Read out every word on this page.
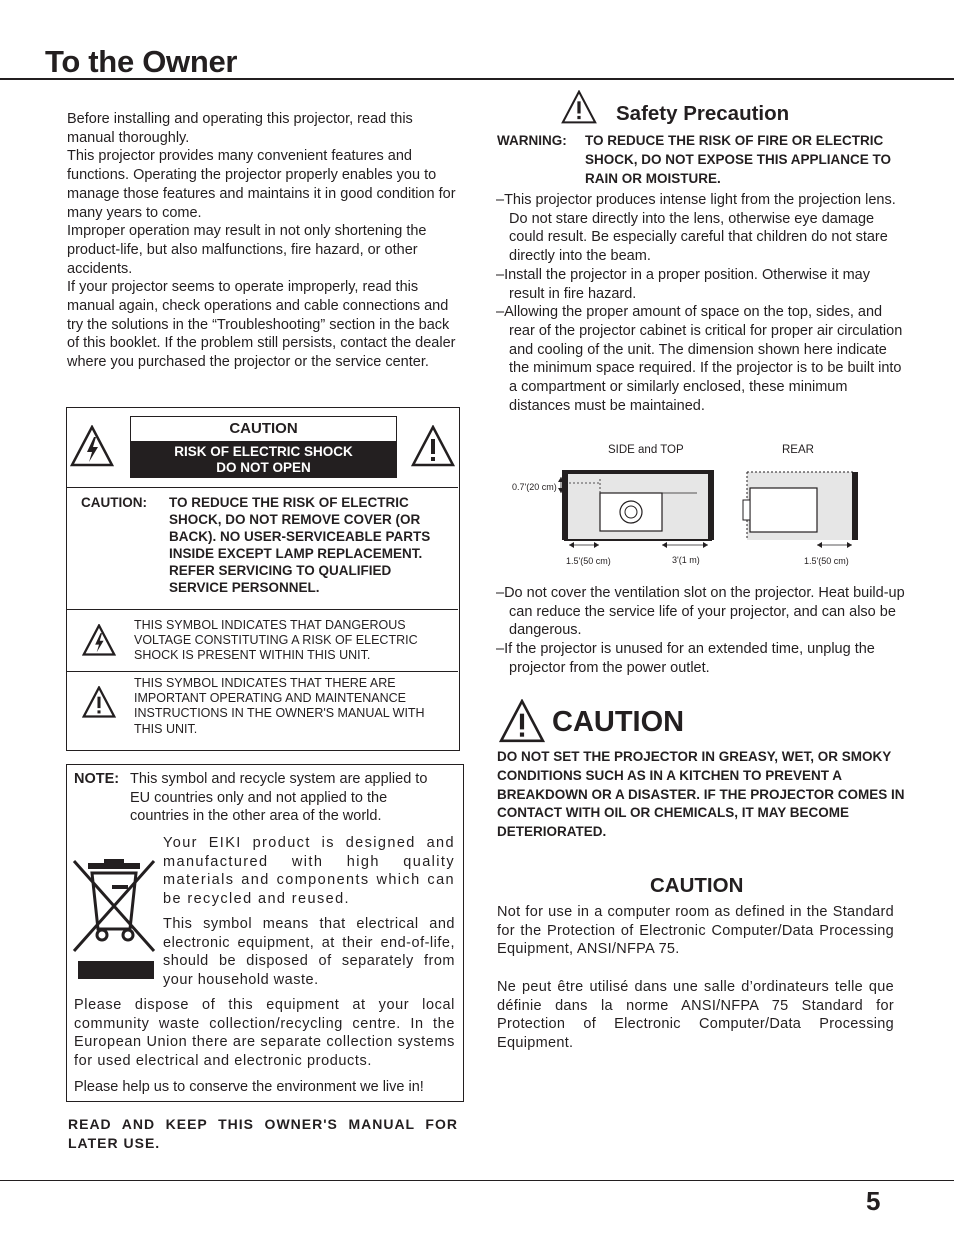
To the Owner

Before installing and operating this projector, read this manual thoroughly.

This projector provides many convenient features and functions. Operating the projector properly enables you to manage those features and maintains it in good condition for many years to come.

Improper operation may result in not only shortening the product-life, but also malfunctions, fire hazard, or other accidents.

If your projector seems to operate improperly, read this manual again, check operations and cable connections and try the solutions in the “Troubleshooting” section in the back of this booklet. If the problem still persists, contact the dealer where you purchased the projector or the service center.

CAUTION
RISK OF ELECTRIC SHOCK
DO NOT OPEN
CAUTION: TO REDUCE THE RISK OF ELECTRIC SHOCK, DO NOT REMOVE COVER (OR BACK). NO USER-SERVICEABLE PARTS INSIDE EXCEPT LAMP REPLACEMENT. REFER SERVICING TO QUALIFIED SERVICE PERSONNEL.
THIS SYMBOL INDICATES THAT DANGEROUS VOLTAGE CONSTITUTING A RISK OF ELECTRIC SHOCK IS PRESENT WITHIN THIS UNIT.
THIS SYMBOL INDICATES THAT THERE ARE IMPORTANT OPERATING AND MAINTENANCE INSTRUCTIONS IN THE OWNER'S MANUAL WITH THIS UNIT.
NOTE: This symbol and recycle system are applied to EU countries only and not applied to the countries in the other area of the world.
Your EIKI product is designed and manufactured with high quality materials and components which can be recycled and reused.
This symbol means that electrical and electronic equipment, at their end-of-life, should be disposed of separately from your household waste.
Please dispose of this equipment at your local community waste collection/recycling centre. In the European Union there are separate collection systems for used electrical and electronic products.
Please help us to conserve the environment we live in!
READ AND KEEP THIS OWNER'S MANUAL FOR LATER USE.
Safety Precaution
WARNING: TO REDUCE THE RISK OF FIRE OR ELECTRIC SHOCK, DO NOT EXPOSE THIS APPLIANCE TO RAIN OR MOISTURE.

–This projector produces intense light from the projection lens. Do not stare directly into the lens, otherwise eye damage could result. Be especially careful that children do not stare directly into the beam.

–Install the projector in a proper position. Otherwise it may result in fire hazard.

–Allowing the proper amount of space on the top, sides, and rear of the projector cabinet is critical for proper air circulation and cooling of the unit. The dimension shown here indicate the minimum space required. If the projector is to be built into a compartment or similarly enclosed, these minimum distances must be maintained.

SIDE and TOP	REAR
0.7'(20 cm)
1.5'(50 cm)	3'(1 m)	1.5'(50 cm)

–Do not cover the ventilation slot on the projector. Heat build-up can reduce the service life of your projector, and can also be dangerous.

–If the projector is unused for an extended time, unplug the projector from the power outlet.

CAUTION
DO NOT SET THE PROJECTOR IN GREASY, WET, OR SMOKY CONDITIONS SUCH AS IN A KITCHEN TO PREVENT A BREAKDOWN OR A DISASTER. IF THE PROJECTOR COMES IN CONTACT WITH OIL OR CHEMICALS, IT MAY BECOME DETERIORATED.
CAUTION
Not for use in a computer room as defined in the Standard for the Protection of Electronic Computer/Data Processing Equipment, ANSI/NFPA 75.
Ne peut être utilisé dans une salle d’ordinateurs telle que définie dans la norme ANSI/NFPA 75 Standard for Protection of Electronic Computer/Data Processing Equipment.
5
